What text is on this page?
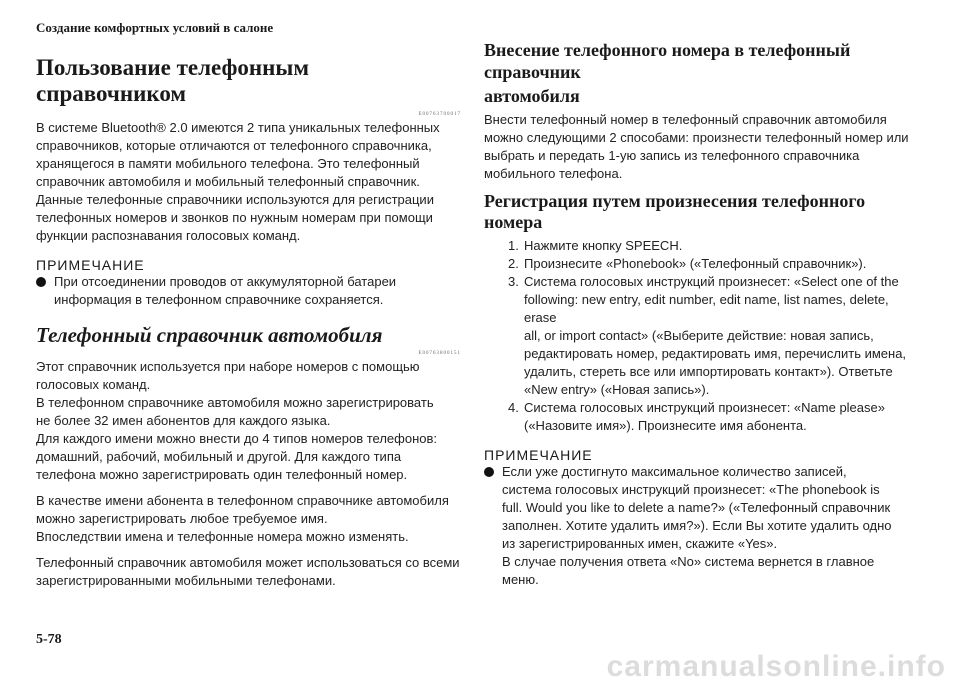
Создание комфортных условий в салоне
Пользование телефонным справочником
E00763700017

В системе Bluetooth® 2.0 имеются 2 типа уникальных телефонных

справочников, которые отличаются от телефонного справочника,

хранящегося в памяти мобильного телефона. Это телефонный

справочник автомобиля и мобильный телефонный справочник.

Данные телефонные справочники используются для регистрации

телефонных номеров и звонков по нужным номерам при помощи

функции распознавания голосовых команд.

ПРИМЕЧАНИЕ

При отсоединении проводов от аккумуляторной батареи

информация в телефонном справочнике сохраняется.

Телефонный справочник автомобиля
E00763800151

Этот справочник используется при наборе номеров с помощью

голосовых команд.

В телефонном справочнике автомобиля можно зарегистрировать

не более 32 имен абонентов для каждого языка.

Для каждого имени можно внести до 4 типов номеров телефонов:

домашний, рабочий, мобильный и другой. Для каждого типа

телефона можно зарегистрировать один телефонный номер.

В качестве имени абонента в телефонном справочнике автомобиля

можно зарегистрировать любое требуемое имя.

Впоследствии имена и телефонные номера можно изменять.

Телефонный справочник автомобиля может использоваться со всеми

зарегистрированными мобильными телефонами.

Внесение телефонного номера в телефонный справочник
автомобиля

Внести телефонный номер в телефонный справочник автомобиля

можно следующими 2 способами: произнести телефонный номер или

выбрать и передать 1-ую запись из телефонного справочника

мобильного телефона.

Регистрация путем произнесения телефонного номера
1. Нажмите кнопку SPEECH.

2. Произнесите «Phonebook» («Телефонный справочник»).

3. Система голосовых инструкций произнесет: «Select one of the

following: new entry, edit number, edit name, list names, delete, erase

all, or import contact» («Выберите действие: новая запись,

редактировать номер, редактировать имя, перечислить имена,

удалить, стереть все или импортировать контакт»). Ответьте

«New entry» («Новая запись»).

4. Система голосовых инструкций произнесет: «Name please»

(«Назовите имя»). Произнесите имя абонента.

ПРИМЕЧАНИЕ

Если уже достигнуто максимальное количество записей,

система голосовых инструкций произнесет: «The phonebook is

full. Would you like to delete a name?» («Телефонный справочник

заполнен. Хотите удалить имя?»). Если Вы хотите удалить одно

из зарегистрированных имен, скажите «Yes».

В случае получения ответа «No» система вернется в главное

меню.

5-78
carmanualsonline.info
